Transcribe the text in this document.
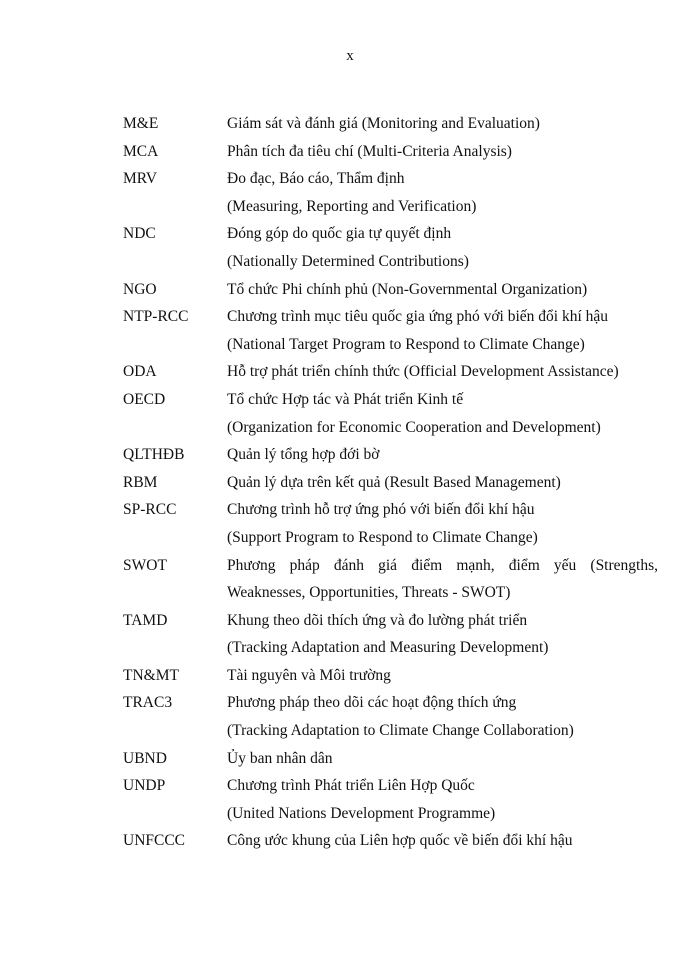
x
M&E	Giám sát và đánh giá (Monitoring and Evaluation)
MCA	Phân tích đa tiêu chí (Multi-Criteria Analysis)
MRV	Đo đạc, Báo cáo, Thẩm định
(Measuring, Reporting and Verification)
NDC	Đóng góp do quốc gia tự quyết định
(Nationally Determined Contributions)
NGO	Tổ chức Phi chính phủ (Non-Governmental Organization)
NTP-RCC	Chương trình mục tiêu quốc gia ứng phó với biến đổi khí hậu
(National Target Program to Respond to Climate Change)
ODA	Hỗ trợ phát triển chính thức (Official Development Assistance)
OECD	Tổ chức Hợp tác và Phát triển Kinh tế
(Organization for Economic Cooperation and Development)
QLTHĐB	Quản lý tổng hợp đới bờ
RBM	Quản lý dựa trên kết quả (Result Based Management)
SP-RCC	Chương trình hỗ trợ ứng phó với biến đổi khí hậu
(Support Program to Respond to Climate Change)
SWOT	Phương pháp đánh giá điểm mạnh, điểm yếu (Strengths,
Weaknesses, Opportunities, Threats - SWOT)
TAMD	Khung theo dõi thích ứng và đo lường phát triển
(Tracking Adaptation and Measuring Development)
TN&MT	Tài nguyên và Môi trường
TRAC3	Phương pháp theo dõi các hoạt động thích ứng
(Tracking Adaptation to Climate Change Collaboration)
UBND	Ủy ban nhân dân
UNDP	Chương trình Phát triển Liên Hợp Quốc
(United Nations Development Programme)
UNFCCC	Công ước khung của Liên hợp quốc về biến đổi khí hậu
